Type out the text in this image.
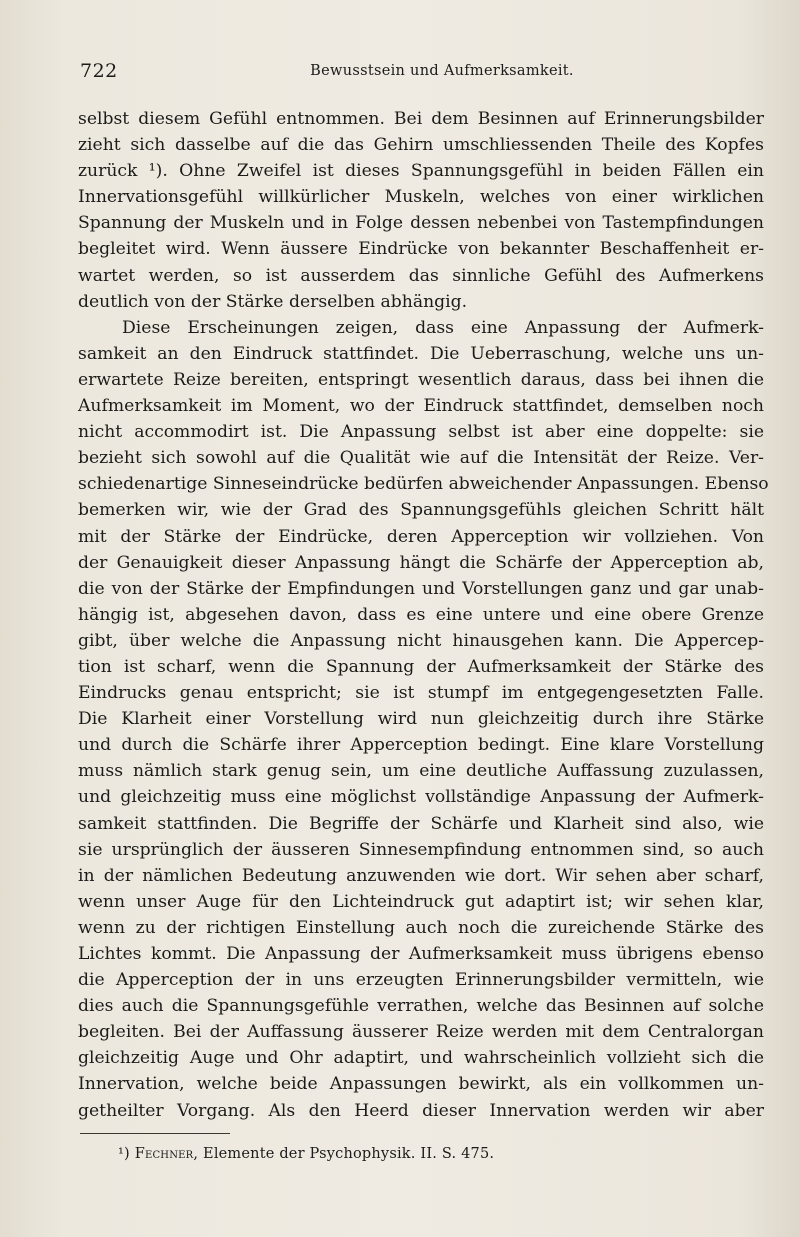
722	Bewusstsein und Aufmerksamkeit.
selbst diesem Gefühl entnommen. Bei dem Besinnen auf Erinnerungsbilder
zieht sich dasselbe auf die das Gehirn umschliessenden Theile des Kopfes
zurück ¹). Ohne Zweifel ist dieses Spannungsgefühl in beiden Fällen ein
Innervationsgefühl willkürlicher Muskeln, welches von einer wirklichen
Spannung der Muskeln und in Folge dessen nebenbei von Tastempfindungen
begleitet wird. Wenn äussere Eindrücke von bekannter Beschaffenheit er-
wartet werden, so ist ausserdem das sinnliche Gefühl des Aufmerkens
deutlich von der Stärke derselben abhängig.
Diese Erscheinungen zeigen, dass eine Anpassung der Aufmerk-
samkeit an den Eindruck stattfindet. Die Ueberraschung, welche uns un-
erwartete Reize bereiten, entspringt wesentlich daraus, dass bei ihnen die
Aufmerksamkeit im Moment, wo der Eindruck stattfindet, demselben noch
nicht accommodirt ist. Die Anpassung selbst ist aber eine doppelte: sie
bezieht sich sowohl auf die Qualität wie auf die Intensität der Reize. Ver-
schiedenartige Sinneseindrücke bedürfen abweichender Anpassungen. Ebenso
bemerken wir, wie der Grad des Spannungsgefühls gleichen Schritt hält
mit der Stärke der Eindrücke, deren Apperception wir vollziehen. Von
der Genauigkeit dieser Anpassung hängt die Schärfe der Apperception ab,
die von der Stärke der Empfindungen und Vorstellungen ganz und gar unab-
hängig ist, abgesehen davon, dass es eine untere und eine obere Grenze
gibt, über welche die Anpassung nicht hinausgehen kann. Die Appercep-
tion ist scharf, wenn die Spannung der Aufmerksamkeit der Stärke des
Eindrucks genau entspricht; sie ist stumpf im entgegengesetzten Falle.
Die Klarheit einer Vorstellung wird nun gleichzeitig durch ihre Stärke
und durch die Schärfe ihrer Apperception bedingt. Eine klare Vorstellung
muss nämlich stark genug sein, um eine deutliche Auffassung zuzulassen,
und gleichzeitig muss eine möglichst vollständige Anpassung der Aufmerk-
samkeit stattfinden. Die Begriffe der Schärfe und Klarheit sind also, wie
sie ursprünglich der äusseren Sinnesempfindung entnommen sind, so auch
in der nämlichen Bedeutung anzuwenden wie dort. Wir sehen aber scharf,
wenn unser Auge für den Lichteindruck gut adaptirt ist; wir sehen klar,
wenn zu der richtigen Einstellung auch noch die zureichende Stärke des
Lichtes kommt. Die Anpassung der Aufmerksamkeit muss übrigens ebenso
die Apperception der in uns erzeugten Erinnerungsbilder vermitteln, wie
dies auch die Spannungsgefühle verrathen, welche das Besinnen auf solche
begleiten. Bei der Auffassung äusserer Reize werden mit dem Centralorgan
gleichzeitig Auge und Ohr adaptirt, und wahrscheinlich vollzieht sich die
Innervation, welche beide Anpassungen bewirkt, als ein vollkommen un-
getheilter Vorgang. Als den Heerd dieser Innervation werden wir aber
¹) Fechner, Elemente der Psychophysik. II. S. 475.
